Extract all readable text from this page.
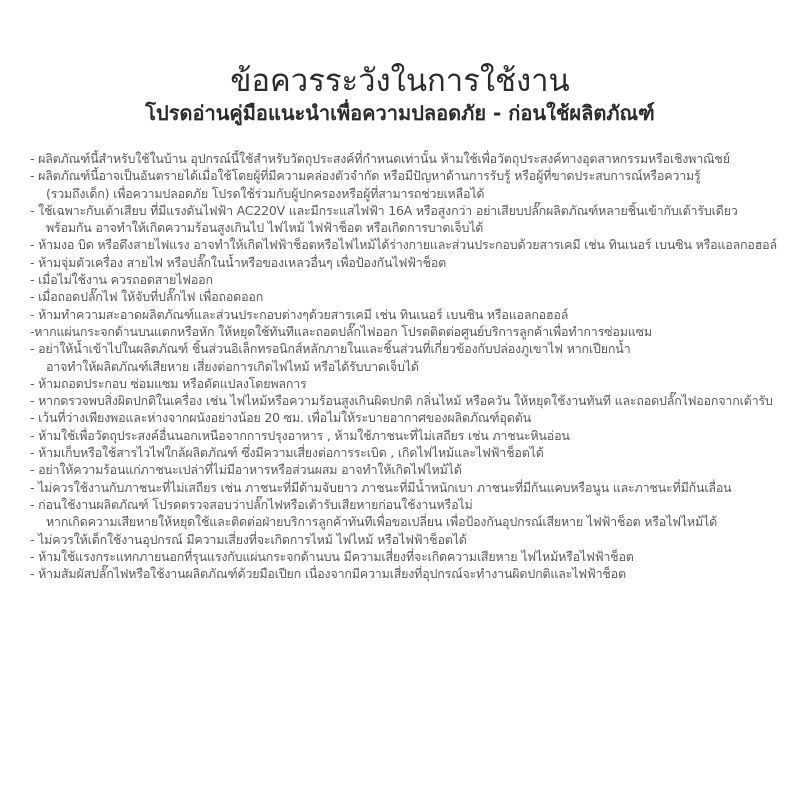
ข้อควรระวังในการใช้งาน
โปรดอ่านคู่มือแนะนำเพื่อความปลอดภัย - ก่อนใช้ผลิตภัณฑ์
- ผลิตภัณฑ์นี้สำหรับใช้ในบ้าน อุปกรณ์นี้ใช้สำหรับวัตถุประสงค์ที่กำหนดเท่านั้น ห้ามใช้เพื่อวัตถุประสงค์ทางอุตสาหกรรมหรือเชิงพาณิชย์
- ผลิตภัณฑ์นี้อาจเป็นอันตรายได้เมื่อใช้โดยผู้ที่มีความคล่องตัวจำกัด หรือมีปัญหาด้านการรับรู้ หรือผู้ที่ขาดประสบการณ์หรือความรู้
(รวมถึงเด็ก) เพื่อความปลอดภัย โปรดใช้ร่วมกับผู้ปกครองหรือผู้ที่สามารถช่วยเหลือได้
- ใช้เฉพาะกับเต้าเสียบ ที่มีแรงดันไฟฟ้า AC220V และมีกระแสไฟฟ้า 16A หรือสูงกว่า อย่าเสียบปลั๊กผลิตภัณฑ์หลายชิ้นเข้ากับเต้ารับเดียว
พร้อมกัน อาจทำให้เกิดความร้อนสูงเกินไป ไฟไหม้ ไฟฟ้าช็อต หรือเกิดการบาดเจ็บได้
- ห้ามงอ บิด หรือดึงสายไฟแรง อาจทำให้เกิดไฟฟ้าช็อตหรือไฟไหม้ได้ร่างกายและส่วนประกอบด้วยสารเคมี เช่น ทินเนอร์ เบนซิน หรือแอลกอฮอล์
- ห้ามจุ่มตัวเครื่อง สายไฟ หรือปลั๊กในน้ำหรือของเหลวอื่นๆ เพื่อป้องกันไฟฟ้าช็อต
- เมื่อไม่ใช้งาน ควรถอดสายไฟออก
- เมื่อถอดปลั๊กไฟ ให้จับที่ปลั๊กไฟ เพื่อถอดออก
- ห้ามทำความสะอาดผลิตภัณฑ์และส่วนประกอบต่างๆด้วยสารเคมี เช่น ทินเนอร์ เบนซิน หรือแอลกอฮอล์
-หากแผ่นกระจกด้านบนแตกหรือหัก ให้หยุดใช้ทันทีและถอดปลั๊กไฟออก โปรดติดต่อศูนย์บริการลูกค้าเพื่อทำการซ่อมแซม
- อย่าให้น้ำเข้าไปในผลิตภัณฑ์ ชิ้นส่วนอิเล็กทรอนิกส์หลักภายในและชิ้นส่วนที่เกี่ยวข้องกับปล่องภูเขาไฟ หากเปียกน้ำ
อาจทำให้ผลิตภัณฑ์เสียหาย เสี่ยงต่อการเกิดไฟไหม้ หรือได้รับบาดเจ็บได้
- ห้ามถอดประกอบ ซ่อมแซม หรือดัดแปลงโดยพลการ
- หากตรวจพบสิ่งผิดปกติในเครื่อง เช่น ไฟไหม้หรือความร้อนสูงเกินผิดปกติ กลิ่นไหม้ หรือควัน ให้หยุดใช้งานทันที และถอดปลั๊กไฟออกจากเต้ารับ
- เว้นที่ว่างเพียงพอและห่างจากผนังอย่างน้อย 20 ซม. เพื่อไม่ให้ระบายอากาศของผลิตภัณฑ์อุดตัน
- ห้ามใช้เพื่อวัตถุประสงค์อื่นนอกเหนือจากการปรุงอาหาร , ห้ามใช้ภาชนะที่ไม่เสถียร เช่น ภาชนะหินอ่อน
- ห้ามเก็บหรือใช้สารไวไฟใกล้ผลิตภัณฑ์ ซึ่งมีความเสี่ยงต่อการระเบิด , เกิดไฟไหม้และไฟฟ้าช็อตได้
- อย่าให้ความร้อนแก่ภาชนะเปล่าที่ไม่มีอาหารหรือส่วนผสม อาจทำให้เกิดไฟไหม้ได้
- ไม่ควรใช้งานกับภาชนะที่ไม่เสถียร เช่น ภาชนะที่มีด้ามจับยาว ภาชนะที่มีน้ำหนักเบา ภาชนะที่มีก้นแคบหรือนูน และภาชนะที่มีก้นเลื่อน
- ก่อนใช้งานผลิตภัณฑ์ โปรดตรวจสอบว่าปลั๊กไฟหรือเต้ารับเสียหายก่อนใช้งานหรือไม่
หากเกิดความเสียหายให้หยุดใช้และติดต่อฝ่ายบริการลูกค้าทันทีเพื่อขอเปลี่ยน เพื่อป้องกันอุปกรณ์เสียหาย ไฟฟ้าช็อต หรือไฟไหม้ได้
- ไม่ควรให้เด็กใช้งานอุปกรณ์ มีความเสี่ยงที่จะเกิดการไหม้ ไฟไหม้ หรือไฟฟ้าช็อตได้
- ห้ามใช้แรงกระแทกภายนอกที่รุนแรงกับแผ่นกระจกด้านบน มีความเสี่ยงที่จะเกิดความเสียหาย ไฟไหม้หรือไฟฟ้าช็อต
- ห้ามสัมผัสปลั๊กไฟหรือใช้งานผลิตภัณฑ์ด้วยมือเปียก เนื่องจากมีความเสี่ยงที่อุปกรณ์จะทำงานผิดปกติและไฟฟ้าช็อต
